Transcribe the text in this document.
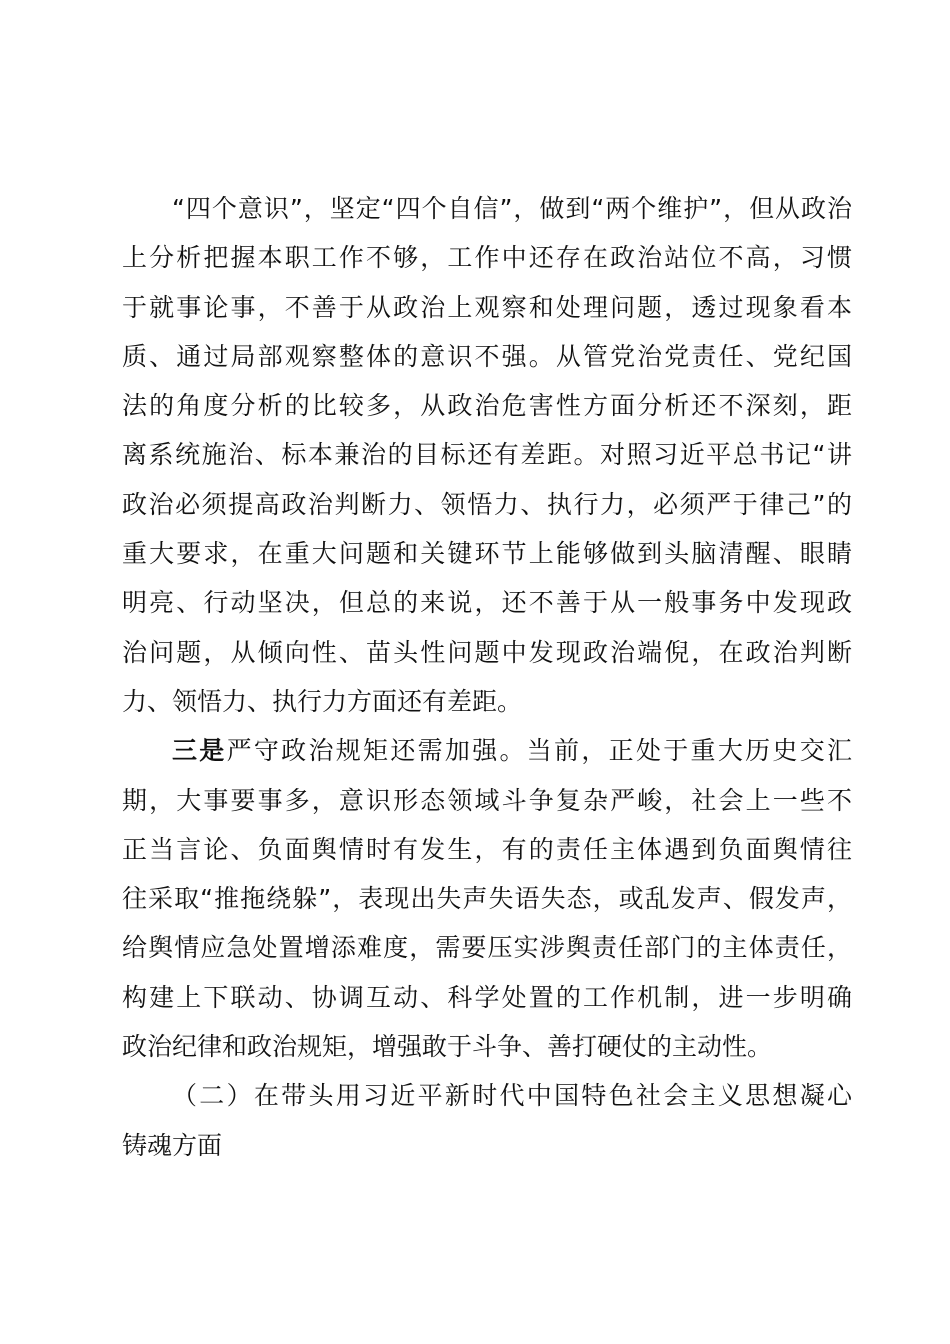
“四个意识”，坚定“四个自信”，做到“两个维护”，但从政治
上分析把握本职工作不够，工作中还存在政治站位不高，习惯
于就事论事，不善于从政治上观察和处理问题，透过现象看本
质、通过局部观察整体的意识不强。从管党治党责任、党纪国
法的角度分析的比较多，从政治危害性方面分析还不深刻，距
离系统施治、标本兼治的目标还有差距。对照习近平总书记“讲
政治必须提高政治判断力、领悟力、执行力，必须严于律己”的
重大要求，在重大问题和关键环节上能够做到头脑清醒、眼睛
明亮、行动坚决，但总的来说，还不善于从一般事务中发现政
治问题，从倾向性、苗头性问题中发现政治端倪，在政治判断
力、领悟力、执行力方面还有差距。
三是严守政治规矩还需加强。当前，正处于重大历史交汇
期，大事要事多，意识形态领域斗争复杂严峻，社会上一些不
正当言论、负面舆情时有发生，有的责任主体遇到负面舆情往
往采取“推拖绕躲”，表现出失声失语失态，或乱发声、假发声，
给舆情应急处置增添难度，需要压实涉舆责任部门的主体责任，
构建上下联动、协调互动、科学处置的工作机制，进一步明确
政治纪律和政治规矩，增强敢于斗争、善打硬仗的主动性。
（二）在带头用习近平新时代中国特色社会主义思想凝心
铸魂方面
